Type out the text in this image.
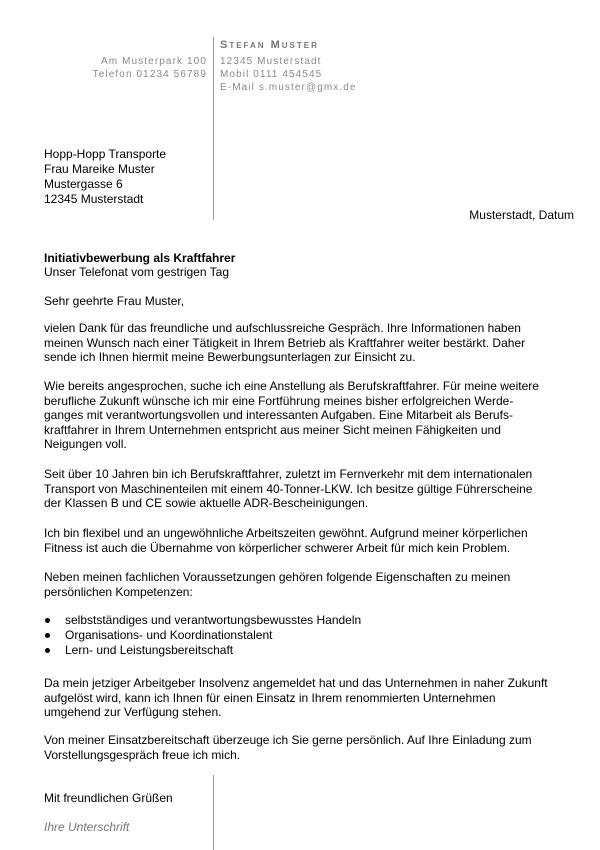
Am Musterpark 100
Telefon 01234 56789
Stefan Muster
12345 Musterstadt
Mobil 0111 454545
E-Mail s.muster@gmx.de
Hopp-Hopp Transporte
Frau Mareike Muster
Mustergasse 6
12345 Musterstadt
Musterstadt, Datum
Initiativbewerbung als Kraftfahrer
Unser Telefonat vom gestrigen Tag
Sehr geehrte Frau Muster,
vielen Dank für das freundliche und aufschlussreiche Gespräch. Ihre Informationen haben
meinen Wunsch nach einer Tätigkeit in Ihrem Betrieb als Kraftfahrer weiter bestärkt. Daher
sende ich Ihnen hiermit meine Bewerbungsunterlagen zur Einsicht zu.
Wie bereits angesprochen, suche ich eine Anstellung als Berufskraftfahrer. Für meine weitere
berufliche Zukunft wünsche ich mir eine Fortführung meines bisher erfolgreichen Werde-
ganges mit verantwortungsvollen und interessanten Aufgaben. Eine Mitarbeit als Berufs-
kraftfahrer in Ihrem Unternehmen entspricht aus meiner Sicht meinen Fähigkeiten und
Neigungen voll.
Seit über 10 Jahren bin ich Berufskraftfahrer, zuletzt im Fernverkehr mit dem internationalen
Transport von Maschinenteilen mit einem 40-Tonner-LKW. Ich besitze gültige Führerscheine
der Klassen B und CE sowie aktuelle ADR-Bescheinigungen.
Ich bin flexibel und an ungewöhnliche Arbeitszeiten gewöhnt. Aufgrund meiner körperlichen
Fitness ist auch die Übernahme von körperlicher schwerer Arbeit für mich kein Problem.
Neben meinen fachlichen Voraussetzungen gehören folgende Eigenschaften zu meinen
persönlichen Kompetenzen:
selbstständiges und verantwortungsbewusstes Handeln
Organisations- und Koordinationstalent
Lern- und Leistungsbereitschaft
Da mein jetziger Arbeitgeber Insolvenz angemeldet hat und das Unternehmen in naher Zukunft
aufgelöst wird, kann ich Ihnen für einen Einsatz in Ihrem renommierten Unternehmen
umgehend zur Verfügung stehen.
Von meiner Einsatzbereitschaft überzeuge ich Sie gerne persönlich. Auf Ihre Einladung zum
Vorstellungsgespräch freue ich mich.
Mit freundlichen Grüßen
Ihre Unterschrift
